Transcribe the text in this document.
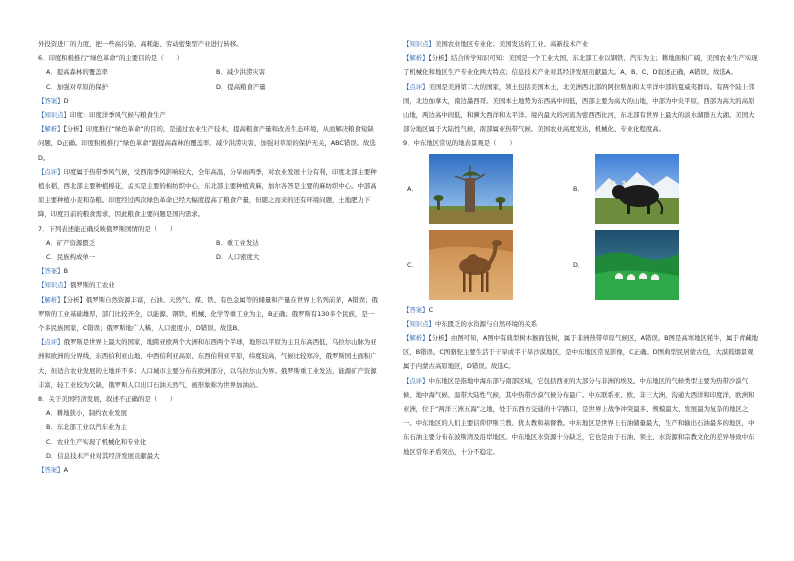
外投资进厂的力度，把一些高污染、高耗能、劳动密集型产业进行转移。

6．印度积极推行“绿色革命”的主要目的是（　　）

A．提高森林的覆盖率	B．减少洪涝灾害
C．加强对草原的保护	D．提高粮食产量

【答案】D

【知识点】印度：印度洋季风气候与粮食生产

【解析】【分析】印度推行“绿色革命”的目的，是通过农业生产技术，提高粮食产量和改善生态环境，从而解决粮食短缺问题，D正确。印度积极推行“绿色革命”跟提高森林的覆盖率、减少洪涝灾害、加强对草原的保护无关，ABC错误。故选D。

【点评】印度属于热带季风气候，受西南季风影响较大，全年高温，分旱雨两季，对农业发展十分有利，印度北部主要种植水稻，西北部主要种植棉花，孟买是主要的棉纺织中心，东北部主要种植黄麻，加尔各答是主要的麻纺织中心。中部高原主要种植小麦和杂粮。印度经过两次绿色革命已经大幅度提高了粮食产量，但随之而来的还有环境问题，土地肥力下降，印度目前的粮食需求，因此粮食主要问题是国内需求。

7．下列表述能正确反映俄罗斯国情的是（　　）

A．矿产资源匮乏	B．重工业发达
C．民族构成单一	D．人口密度大

【答案】B

【知识点】俄罗斯的工农业

【解析】【分析】俄罗斯自然资源丰富，石油、天然气、煤、铁、有色金属等的储量和产量在世界上名列前茅，A错误；俄罗斯的工业基础雄厚，部门比较齐全，以能源、钢铁、机械、化学等重工业为主，B正确；俄罗斯有130多个民族，是一个多民族国家，C错误；俄罗斯地广人稀，人口密度小，D错误。故选B。

【点评】俄罗斯是世界上最大的国家，地跨亚欧两个大洲和东西两个半球，地形以平原为主且东高西低，乌拉尔山脉为亚洲和欧洲的分界线，东西伯利亚山地、中西伯利亚高原、东西伯利亚平原，纬度较高，气候比较寒冷，俄罗斯国土面积广大，但适合农业发展的土地并不多；人口城市主要分布在欧洲部分，以乌拉尔山为界。俄罗斯重工业发达，能源矿产资源丰富，轻工业较为欠缺，俄罗斯人口出口石油天然气，被形象称为世界加油站。

8．关于美国经济发展，叙述不正确的是（　　）

A．耕地狭小，制约农业发展

B．东北部工业以汽车业为主

C．农业生产实现了机械化和专业化

D．信息技术产业对其经济发展贡献最大

【答案】A

【知识点】美国农业地区专业化；美国发达的工业、高新技术产业

【解析】【分析】结合所学知识可知：美国是一个工业大国，东北部工业以钢铁、汽车为主；耕地面积广阔，美国农业生产实现了机械化和地区生产专业化两大特点；信息技术产业对其经济发展贡献最大。A、B、C、D叙述正确，A错误。故选A。

【点评】美国是美洲第二大的国家，领土包括美国本土，北美洲西北部的阿拉斯加和太平洋中部的夏威夷群岛。有两个陆上邻国，北边加拿大，南边墨西哥。美国本土地势为东西高中间低，西部主要为高大的山地，中部为中央平原，西部为高大的高原山地，两边高中间低，和濒大西洋和太平洋。境内最大的河流为密西西比河，东北部有世界上最大的淡水湖群五大湖。美国大部分地区属于大陆性气候，南部属亚热带气候。美国农业高度发达，机械化、专业化程度高。

9．中东地区常见的地表景观是（　　）

A．	B．
C．	D．

【答案】C

【知识点】中东匮乏的水资源与自然环境的关系

【解析】【分析】由图可知，A图中有典型树木猴面包树，属于非洲热带草原气候区，A错误。B图是高寒地区牦牛，属于青藏地区，B错误。C图骆驼主要生活于干旱或半干旱沙漠地区，是中东地区常见影像，C正确。D图典型民居蒙古包，大漠孤烟景观属于内蒙古高原地区，D错误。故选C。

【点评】中东地区是指地中海东部与南部区域，它包括西亚的大部分与非洲的埃及。中东地区的气候类型主要为热带沙漠气候、地中海气候、温带大陆性气候，其中热带沙漠气候分布最广。中东联系亚、欧、非三大洲，沟通大西洋和印度洋，欧洲和亚洲，位于“两洋三洲五海”之地，处于东西方交通的十字路口，是世界上战争冲突最多、规模最大、发展最为复杂的地区之一。中东地区的人们主要信仰伊斯兰教、犹太教和基督教。中东地区是世界上石油储量最大，生产和输出石油最多的地区，中东石油主要分布在波斯湾及沿岸地区。中东地区水资源十分缺乏，它也是由于石油、领土、水资源和宗教文化的差异导致中东地区常年矛盾突出，十分不稳定。
